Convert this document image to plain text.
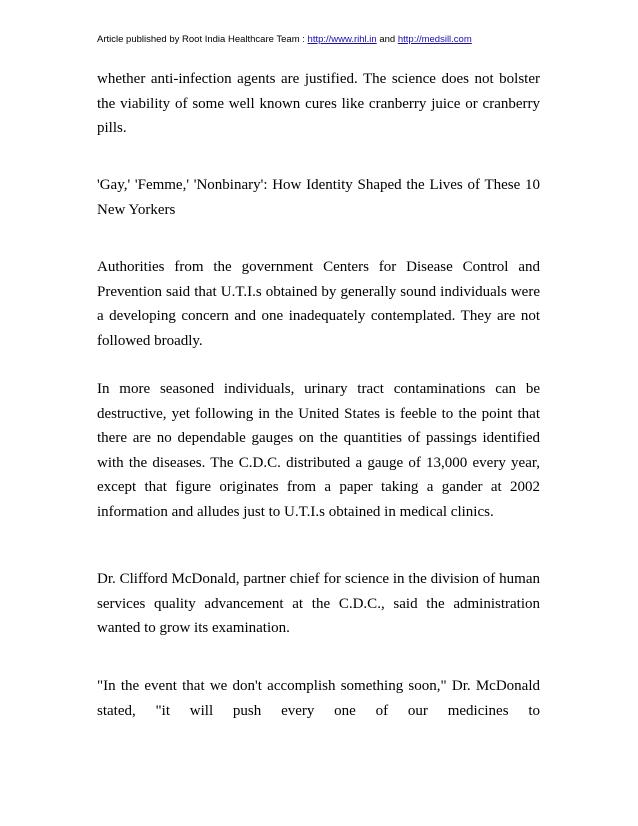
Article published by Root India Healthcare Team : http://www.rihl.in and http://medsill.com

whether anti-infection agents are justified. The science does not bolster the viability of some well known cures like cranberry juice or cranberry pills.

'Gay,' 'Femme,' 'Nonbinary': How Identity Shaped the Lives of These 10 New Yorkers

Authorities from the government Centers for Disease Control and Prevention said that U.T.I.s obtained by generally sound individuals were a developing concern and one inadequately contemplated. They are not followed broadly.

In more seasoned individuals, urinary tract contaminations can be destructive, yet following in the United States is feeble to the point that there are no dependable gauges on the quantities of passings identified with the diseases. The C.D.C. distributed a gauge of 13,000 every year, except that figure originates from a paper taking a gander at 2002 information and alludes just to U.T.I.s obtained in medical clinics.

Dr. Clifford McDonald, partner chief for science in the division of human services quality advancement at the C.D.C., said the administration wanted to grow its examination.

"In the event that we don't accomplish something soon," Dr. McDonald stated, "it will push every one of our medicines to
